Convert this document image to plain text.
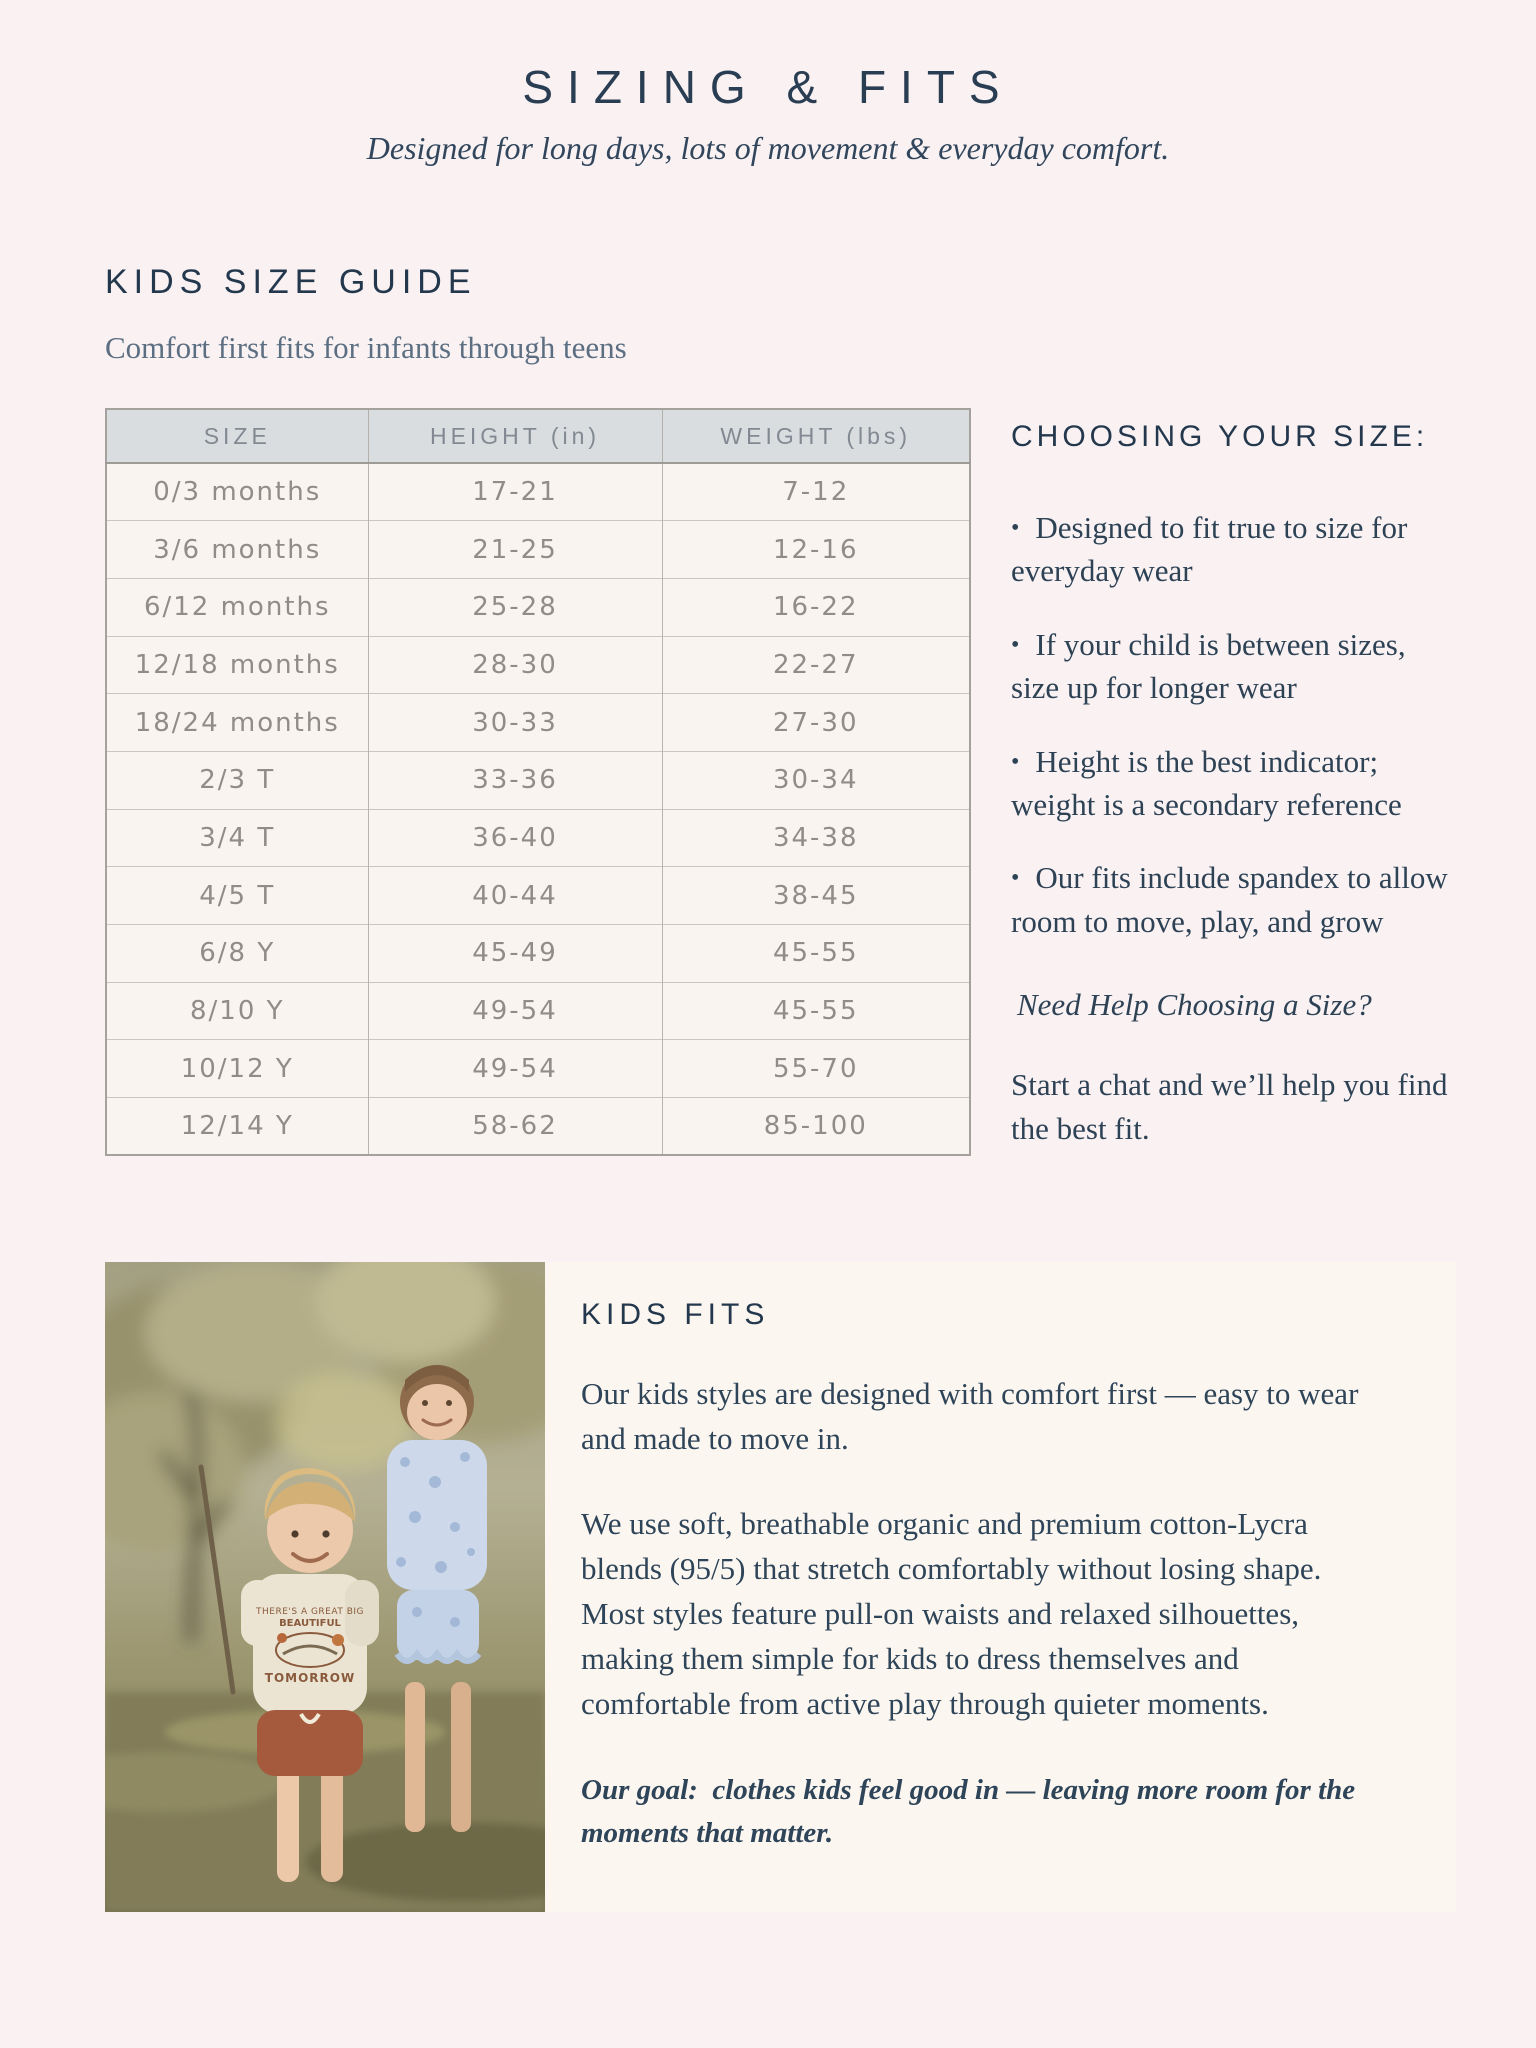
SIZING & FITS
Designed for long days, lots of movement & everyday comfort.
KIDS SIZE GUIDE
Comfort first fits for infants through teens
SIZE	HEIGHT (in)	WEIGHT (lbs)
0/3 months	17-21	7-12
3/6 months	21-25	12-16
6/12 months	25-28	16-22
12/18 months	28-30	22-27
18/24 months	30-33	27-30
2/3 T	33-36	30-34
3/4 T	36-40	34-38
4/5 T	40-44	38-45
6/8 Y	45-49	45-55
8/10 Y	49-54	45-55
10/12 Y	49-54	55-70
12/14 Y	58-62	85-100
CHOOSING YOUR SIZE:

• Designed to fit true to size for everyday wear

• If your child is between sizes, size up for longer wear

• Height is the best indicator; weight is a secondary reference

• Our fits include spandex to allow room to move, play, and grow

Need Help Choosing a Size?
Start a chat and we’ll help you find the best fit.
THERE'S A GREAT BIG
BEAUTIFUL
TOMORROW
KIDS FITS

Our kids styles are designed with comfort first — easy to wear and made to move in.

We use soft, breathable organic and premium cotton-Lycra blends (95/5) that stretch comfortably without losing shape. Most styles feature pull-on waists and relaxed silhouettes, making them simple for kids to dress themselves and comfortable from active play through quieter moments.

Our goal:  clothes kids feel good in — leaving more room for the moments that matter.
